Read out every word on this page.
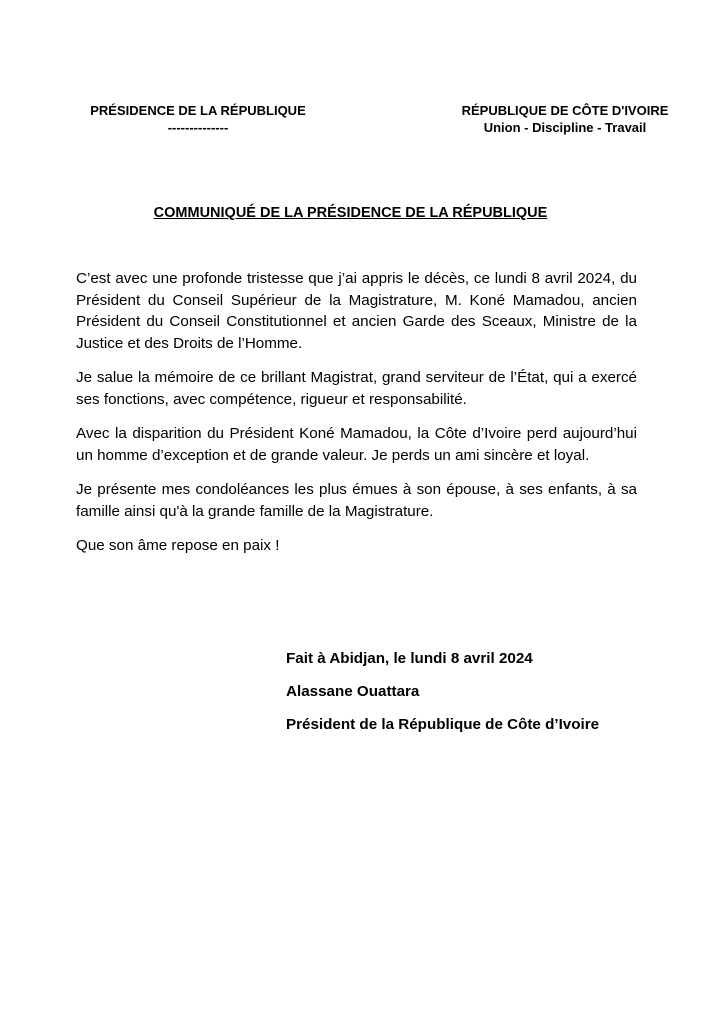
PRÉSIDENCE DE LA RÉPUBLIQUE
--------------
RÉPUBLIQUE DE CÔTE D'IVOIRE
Union - Discipline - Travail
COMMUNIQUÉ DE LA PRÉSIDENCE DE LA RÉPUBLIQUE

C’est avec une profonde tristesse que j’ai appris le décès, ce lundi 8 avril 2024, du Président du Conseil Supérieur de la Magistrature, M. Koné Mamadou, ancien Président du Conseil Constitutionnel et ancien Garde des Sceaux, Ministre de la Justice et des Droits de l’Homme.

Je salue la mémoire de ce brillant Magistrat, grand serviteur de l’État, qui a exercé ses fonctions, avec compétence, rigueur et responsabilité.

Avec la disparition du Président Koné Mamadou, la Côte d’Ivoire perd aujourd’hui un homme d’exception et de grande valeur. Je perds un ami sincère et loyal.

Je présente mes condoléances les plus émues à son épouse, à ses enfants, à sa famille ainsi qu'à la grande famille de la Magistrature.

Que son âme repose en paix !

Fait à Abidjan, le lundi 8 avril 2024
Alassane Ouattara
Président de la République de Côte d’Ivoire
